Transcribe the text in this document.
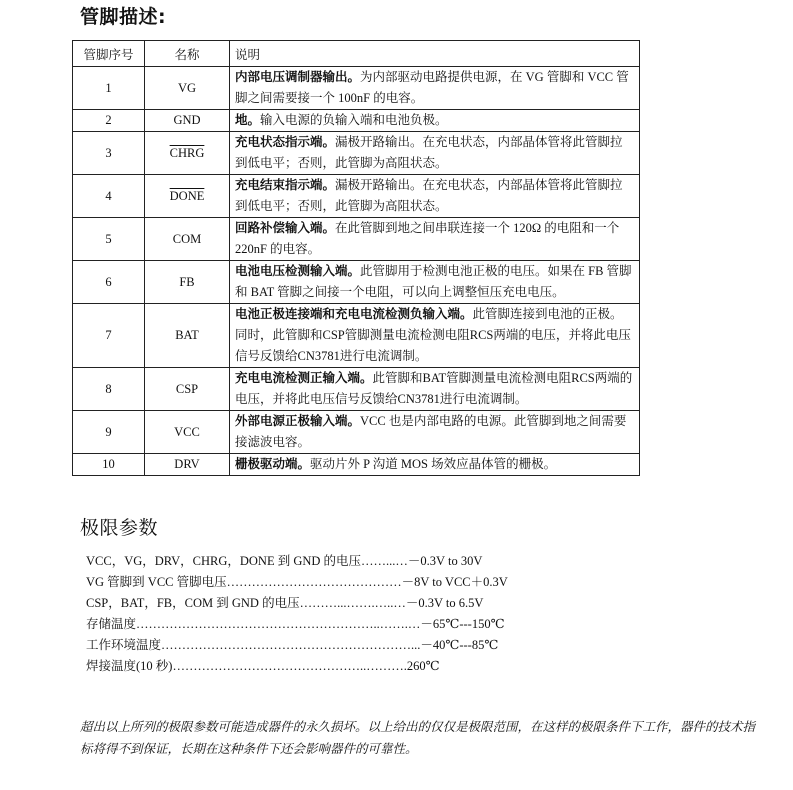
管脚描述:
管脚序号	名称	说明
1	VG	内部电压调制器输出。为内部驱动电路提供电源，在 VG 管脚和 VCC 管脚之间需要接一个 100nF 的电容。
2	GND	地。输入电源的负输入端和电池负极。
3	CHRG	充电状态指示端。漏极开路输出。在充电状态，内部晶体管将此管脚拉到低电平；否则，此管脚为高阻状态。
4	DONE	充电结束指示端。漏极开路输出。在充电状态，内部晶体管将此管脚拉到低电平；否则，此管脚为高阻状态。
5	COM	回路补偿输入端。在此管脚到地之间串联连接一个 120Ω 的电阻和一个 220nF 的电容。
6	FB	电池电压检测输入端。此管脚用于检测电池正极的电压。如果在 FB 管脚和 BAT 管脚之间接一个电阻，可以向上调整恒压充电电压。
7	BAT	电池正极连接端和充电电流检测负输入端。此管脚连接到电池的正极。同时，此管脚和CSP管脚测量电流检测电阻RCS两端的电压，并将此电压信号反馈给CN3781进行电流调制。
8	CSP	充电电流检测正输入端。此管脚和BAT管脚测量电流检测电阻RCS两端的电压，并将此电压信号反馈给CN3781进行电流调制。
9	VCC	外部电源正极输入端。VCC 也是内部电路的电源。此管脚到地之间需要接滤波电容。
10	DRV	栅极驱动端。驱动片外 P 沟道 MOS 场效应晶体管的栅极。
极限参数
VCC，VG，DRV，CHRG，DONE 到 GND 的电压……...…－0.3V to 30V
VG 管脚到 VCC 管脚电压……………………………………－8V to VCC＋0.3V
CSP，BAT，FB，COM 到 GND 的电压………...…….…..…－0.3V to 6.5V
存储温度…………………………………………………..…….…－65℃---150℃
工作环境温度……………………………………………………...－40℃---85℃
焊接温度(10 秒)………………………………………..……….260℃
超出以上所列的极限参数可能造成器件的永久损坏。以上给出的仅仅是极限范围，在这样的极限条件下工作，器件的技术指标将得不到保证，长期在这种条件下还会影响器件的可靠性。
